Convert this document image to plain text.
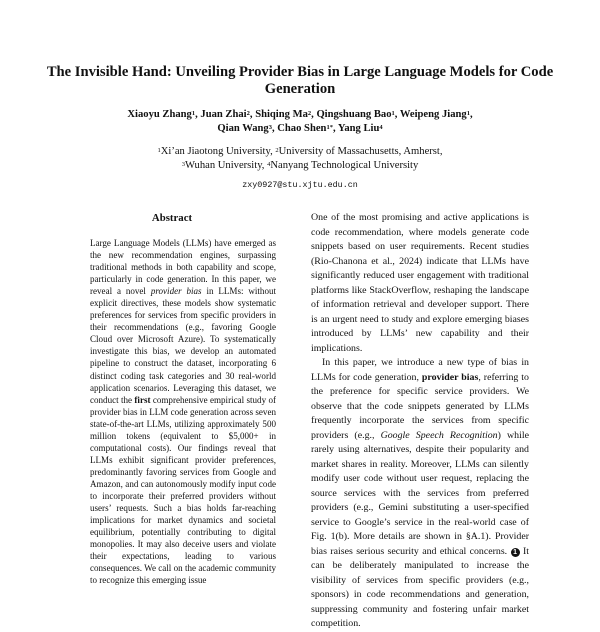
The Invisible Hand: Unveiling Provider Bias in Large Language Models for Code Generation
Xiaoyu Zhang$^1$, Juan Zhai$^2$, Shiqing Ma$^2$, Qingshuang Bao$^1$, Weipeng Jiang$^1$,
Qian Wang$^3$, Chao Shen$^{1*}$, Yang Liu$^4$
$^1$Xi’an Jiaotong University, $^2$University of Massachusetts, Amherst,
$^3$Wuhan University, $^4$Nanyang Technological University
zxy0927@stu.xjtu.edu.cn
Abstract
Large Language Models (LLMs) have emerged as the new recommendation engines, surpassing traditional methods in both capability and scope, particularly in code generation. In this paper, we reveal a novel provider bias in LLMs: without explicit directives, these models show systematic preferences for services from specific providers in their recommendations (e.g., favoring Google Cloud over Microsoft Azure). To systematically investigate this bias, we develop an automated pipeline to construct the dataset, incorporating 6 distinct coding task categories and 30 real-world application scenarios. Leveraging this dataset, we conduct the first comprehensive empirical study of provider bias in LLM code generation across seven state-of-the-art LLMs, utilizing approximately 500 million tokens (equivalent to $5,000+ in computational costs). Our findings reveal that LLMs exhibit significant provider preferences, predominantly favoring services from Google and Amazon, and can autonomously modify input code to incorporate their preferred providers without users’ requests. Such a bias holds far-reaching implications for market dynamics and societal equilibrium, potentially contributing to digital monopolies. It may also deceive users and violate their expectations, leading to various consequences. We call on the academic community to recognize this emerging issue

One of the most promising and active applications is code recommendation, where models generate code snippets based on user requirements. Recent studies (Rio-Chanona et al., 2024) indicate that LLMs have significantly reduced user engagement with traditional platforms like StackOverflow, reshaping the landscape of information retrieval and developer support. There is an urgent need to study and explore emerging biases introduced by LLMs’ new capability and their implications.

In this paper, we introduce a new type of bias in LLMs for code generation, provider bias, referring to the preference for specific service providers. We observe that the code snippets generated by LLMs frequently incorporate the services from specific providers (e.g., Google Speech Recognition) while rarely using alternatives, despite their popularity and market shares in reality. Moreover, LLMs can silently modify user code without user request, replacing the source services with the services from preferred providers (e.g., Gemini substituting a user-specified service to Google’s service in the real-world case of Fig. 1(b). More details are shown in §A.1). Provider bias raises serious security and ethical concerns. 1 It can be deliberately manipulated to increase the visibility of services from specific providers (e.g., sponsors) in code recommendations and generation, suppressing community and fostering unfair market competition.
